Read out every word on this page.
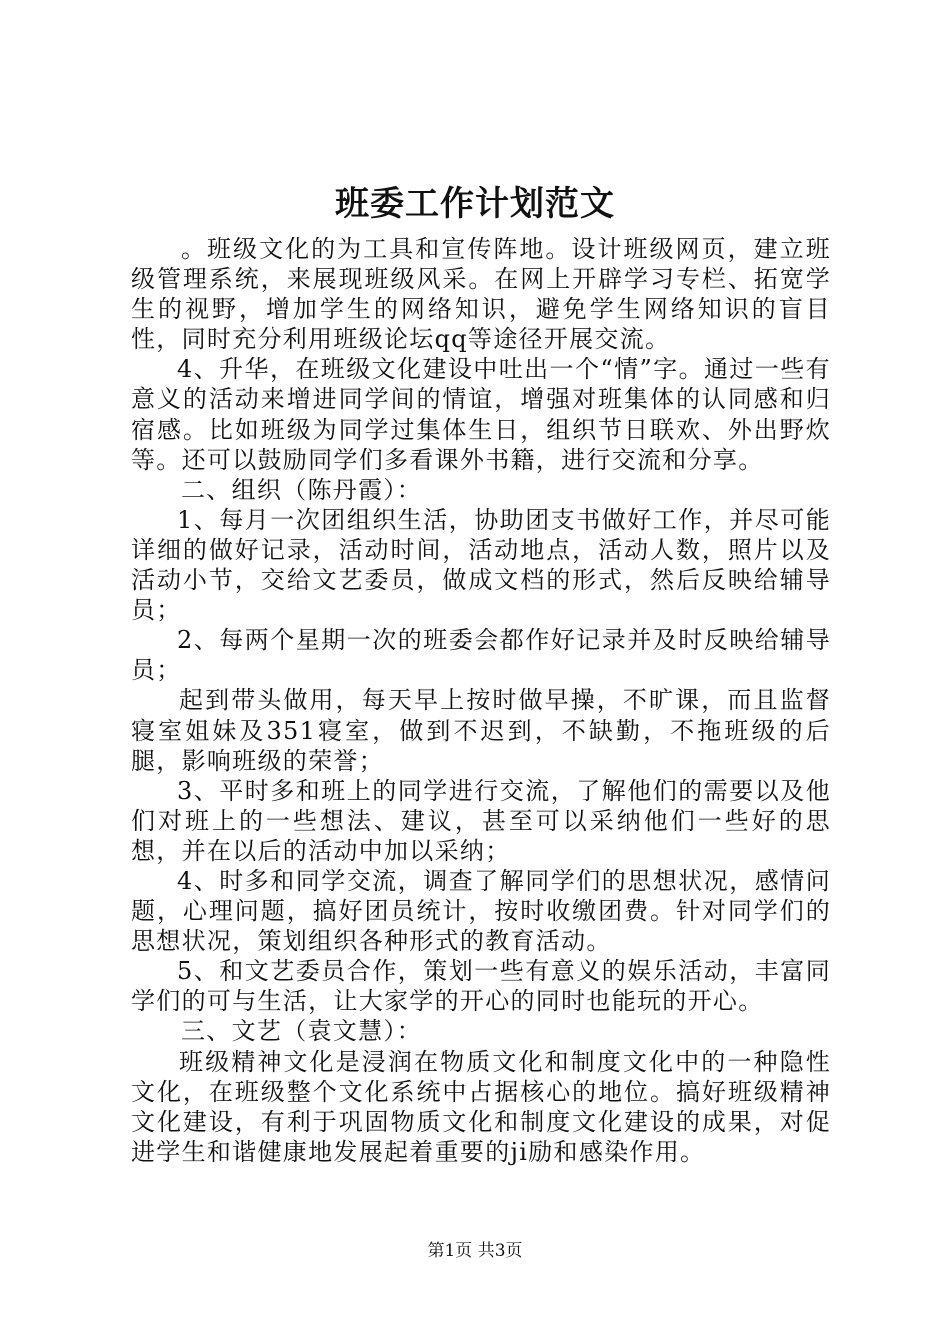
班委工作计划范文

。班级文化的为工具和宣传阵地。设计班级网页，建立班级管理系统，来展现班级风采。在网上开辟学习专栏、拓宽学生的视野，增加学生的网络知识，避免学生网络知识的盲目性，同时充分利用班级论坛qq等途径开展交流。

4、升华，在班级文化建设中吐出一个“情”字。通过一些有意义的活动来增进同学间的情谊，增强对班集体的认同感和归宿感。比如班级为同学过集体生日，组织节日联欢、外出野炊等。还可以鼓励同学们多看课外书籍，进行交流和分享。

二、组织（陈丹霞）：

1、每月一次团组织生活，协助团支书做好工作，并尽可能详细的做好记录，活动时间，活动地点，活动人数，照片以及活动小节，交给文艺委员，做成文档的形式，然后反映给辅导员；

2、每两个星期一次的班委会都作好记录并及时反映给辅导员；

起到带头做用，每天早上按时做早操，不旷课，而且监督寝室姐妹及351寝室，做到不迟到，不缺勤，不拖班级的后腿，影响班级的荣誉；

3、平时多和班上的同学进行交流，了解他们的需要以及他们对班上的一些想法、建议，甚至可以采纳他们一些好的思想，并在以后的活动中加以采纳；

4、时多和同学交流，调查了解同学们的思想状况，感情问题，心理问题，搞好团员统计，按时收缴团费。针对同学们的思想状况，策划组织各种形式的教育活动。

5、和文艺委员合作，策划一些有意义的娱乐活动，丰富同学们的可与生活，让大家学的开心的同时也能玩的开心。

三、文艺（袁文慧）：

班级精神文化是浸润在物质文化和制度文化中的一种隐性文化，在班级整个文化系统中占据核心的地位。搞好班级精神文化建设，有利于巩固物质文化和制度文化建设的成果，对促进学生和谐健康地发展起着重要的ji励和感染作用。

第1页 共3页
